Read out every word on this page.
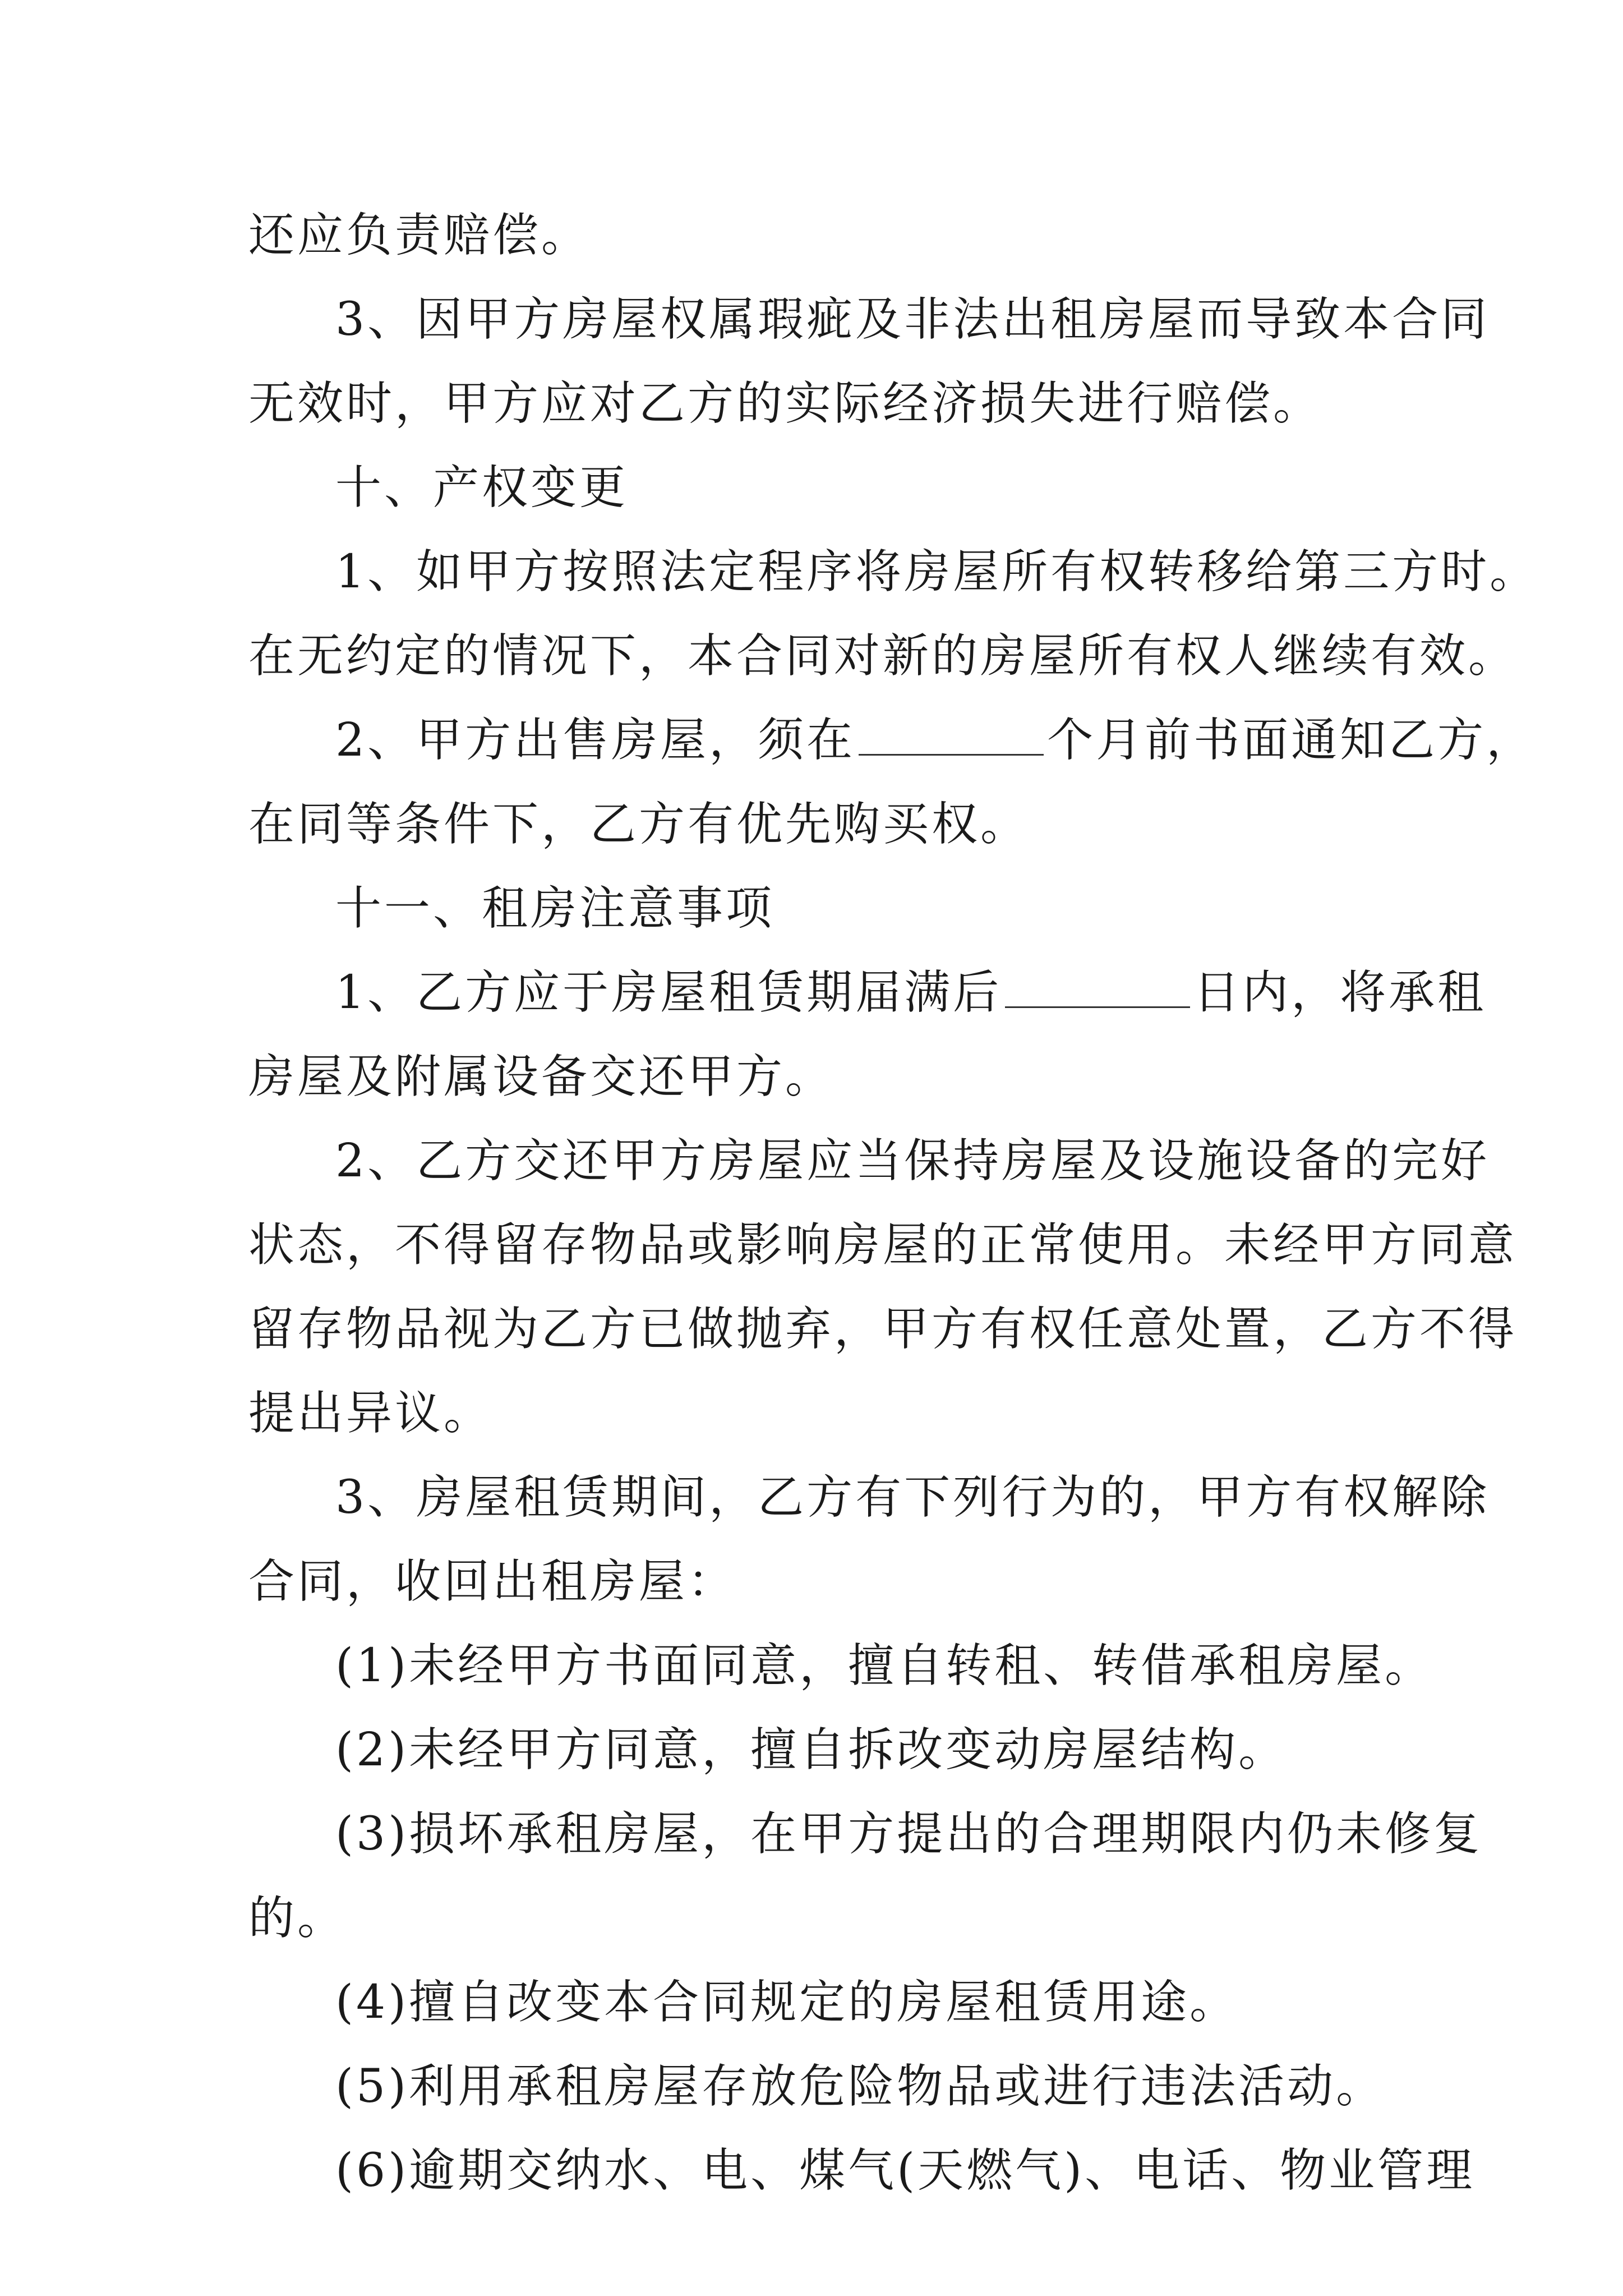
还应负责赔偿。
3、因甲方房屋权属瑕疵及非法出租房屋而导致本合同
无效时，甲方应对乙方的实际经济损失进行赔偿。
十、产权变更
1、如甲方按照法定程序将房屋所有权转移给第三方时。
在无约定的情况下，本合同对新的房屋所有权人继续有效。
2、甲方出售房屋，须在	个月前书面通知乙方，
在同等条件下，乙方有优先购买权。
十一、租房注意事项
1、乙方应于房屋租赁期届满后	日内，将承租
房屋及附属设备交还甲方。
2、乙方交还甲方房屋应当保持房屋及设施设备的完好
状态，不得留存物品或影响房屋的正常使用。未经甲方同意
留存物品视为乙方已做抛弃，甲方有权任意处置，乙方不得
提出异议。
3、房屋租赁期间，乙方有下列行为的，甲方有权解除
合同，收回出租房屋：
(1)未经甲方书面同意，擅自转租、转借承租房屋。
(2)未经甲方同意，擅自拆改变动房屋结构。
(3)损坏承租房屋，在甲方提出的合理期限内仍未修复
的。
(4)擅自改变本合同规定的房屋租赁用途。
(5)利用承租房屋存放危险物品或进行违法活动。
(6)逾期交纳水、电、煤气(天燃气)、电话、物业管理
